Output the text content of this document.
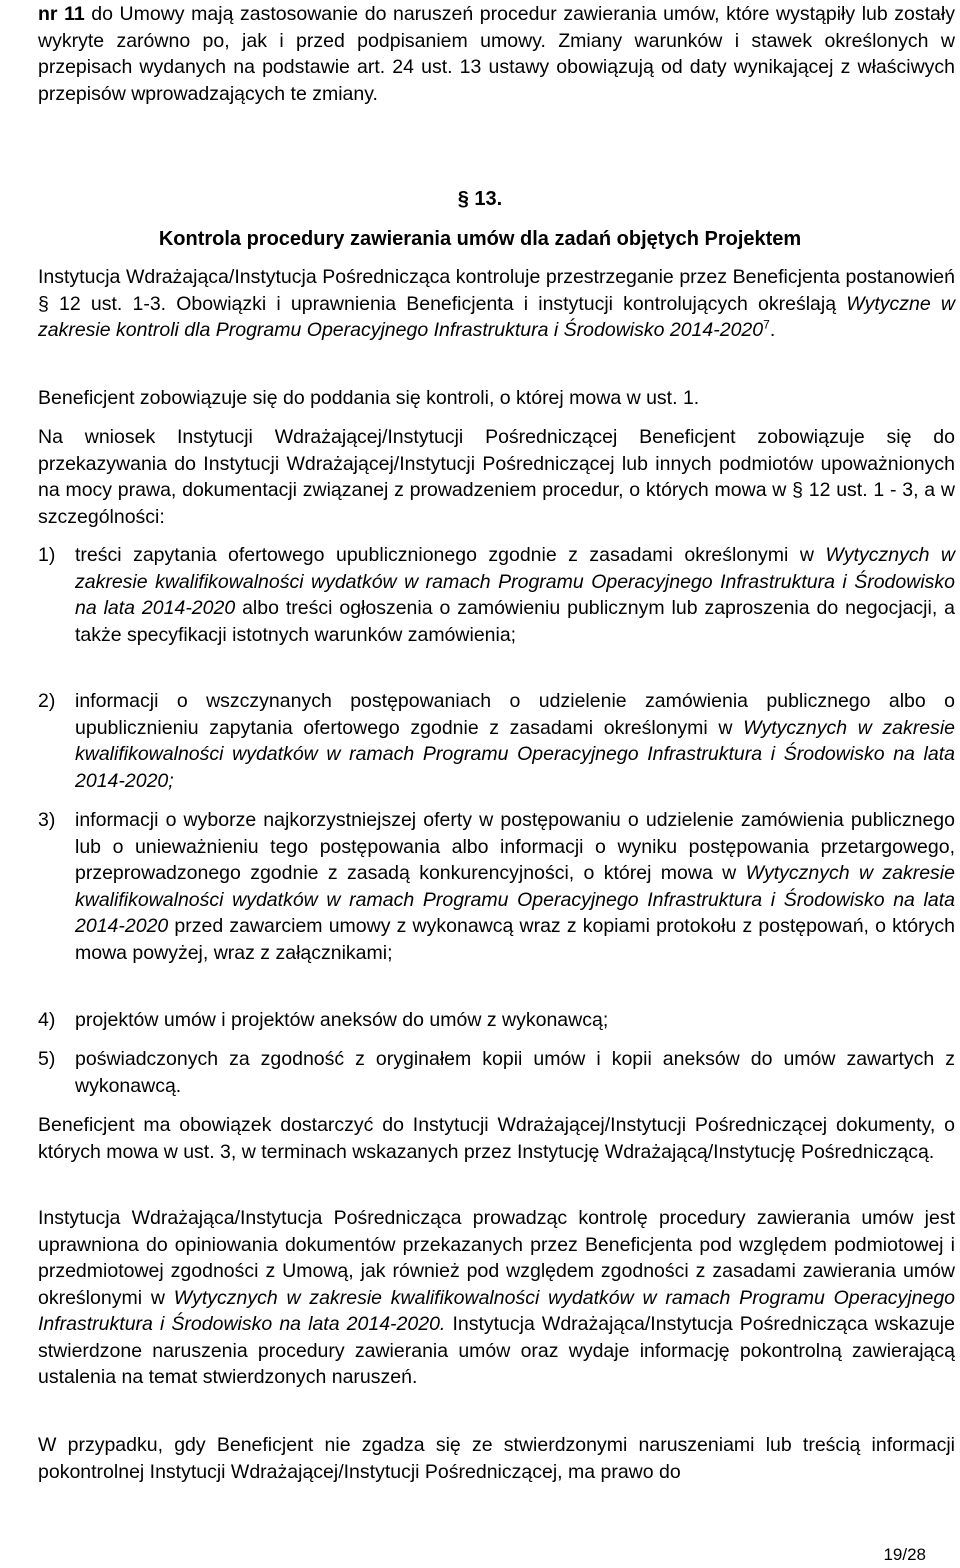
nr 11 do Umowy mają zastosowanie do naruszeń procedur zawierania umów, które wystąpiły lub zostały wykryte zarówno po, jak i przed podpisaniem umowy. Zmiany warunków i stawek określonych w przepisach wydanych na podstawie art. 24 ust. 13 ustawy obowiązują od daty wynikającej z właściwych przepisów wprowadzających te zmiany.

§ 13.
Kontrola procedury zawierania umów dla zadań objętych Projektem

Instytucja Wdrażająca/Instytucja Pośrednicząca kontroluje przestrzeganie przez Beneficjenta postanowień § 12 ust. 1-3. Obowiązki i uprawnienia Beneficjenta i instytucji kontrolujących określają Wytyczne w zakresie kontroli dla Programu Operacyjnego Infrastruktura i Środowisko 2014-2020$^7$.

Beneficjent zobowiązuje się do poddania się kontroli, o której mowa w ust. 1.

Na wniosek Instytucji Wdrażającej/Instytucji Pośredniczącej Beneficjent zobowiązuje się do przekazywania do Instytucji Wdrażającej/Instytucji Pośredniczącej lub innych podmiotów upoważnionych na mocy prawa, dokumentacji związanej z prowadzeniem procedur, o których mowa w § 12 ust. 1 - 3, a w szczególności:

1) treści zapytania ofertowego upublicznionego zgodnie z zasadami określonymi w Wytycznych w zakresie kwalifikowalności wydatków w ramach Programu Operacyjnego Infrastruktura i Środowisko na lata 2014-2020 albo treści ogłoszenia o zamówieniu publicznym lub zaproszenia do negocjacji, a także specyfikacji istotnych warunków zamówienia;

2) informacji o wszczynanych postępowaniach o udzielenie zamówienia publicznego albo o upublicznieniu zapytania ofertowego zgodnie z zasadami określonymi w Wytycznych w zakresie kwalifikowalności wydatków w ramach Programu Operacyjnego Infrastruktura i Środowisko na lata 2014-2020;

3) informacji o wyborze najkorzystniejszej oferty w postępowaniu o udzielenie zamówienia publicznego lub o unieważnieniu tego postępowania albo informacji o wyniku postępowania przetargowego, przeprowadzonego zgodnie z zasadą konkurencyjności, o której mowa w Wytycznych w zakresie kwalifikowalności wydatków w ramach Programu Operacyjnego Infrastruktura i Środowisko na lata 2014-2020 przed zawarciem umowy z wykonawcą wraz z kopiami protokołu z postępowań, o których mowa powyżej, wraz z załącznikami;

4) projektów umów i projektów aneksów do umów z wykonawcą;

5) poświadczonych za zgodność z oryginałem kopii umów i kopii aneksów do umów zawartych z wykonawcą.

Beneficjent ma obowiązek dostarczyć do Instytucji Wdrażającej/Instytucji Pośredniczącej dokumenty, o których mowa w ust. 3, w terminach wskazanych przez Instytucję Wdrażającą/Instytucję Pośredniczącą.

Instytucja Wdrażająca/Instytucja Pośrednicząca prowadząc kontrolę procedury zawierania umów jest uprawniona do opiniowania dokumentów przekazanych przez Beneficjenta pod względem podmiotowej i przedmiotowej zgodności z Umową, jak również pod względem zgodności z zasadami zawierania umów określonymi w Wytycznych w zakresie kwalifikowalności wydatków w ramach Programu Operacyjnego Infrastruktura i Środowisko na lata 2014-2020. Instytucja Wdrażająca/Instytucja Pośrednicząca wskazuje stwierdzone naruszenia procedury zawierania umów oraz wydaje informację pokontrolną zawierającą ustalenia na temat stwierdzonych naruszeń.

W przypadku, gdy Beneficjent nie zgadza się ze stwierdzonymi naruszeniami lub treścią informacji pokontrolnej Instytucji Wdrażającej/Instytucji Pośredniczącej, ma prawo do

19/28
